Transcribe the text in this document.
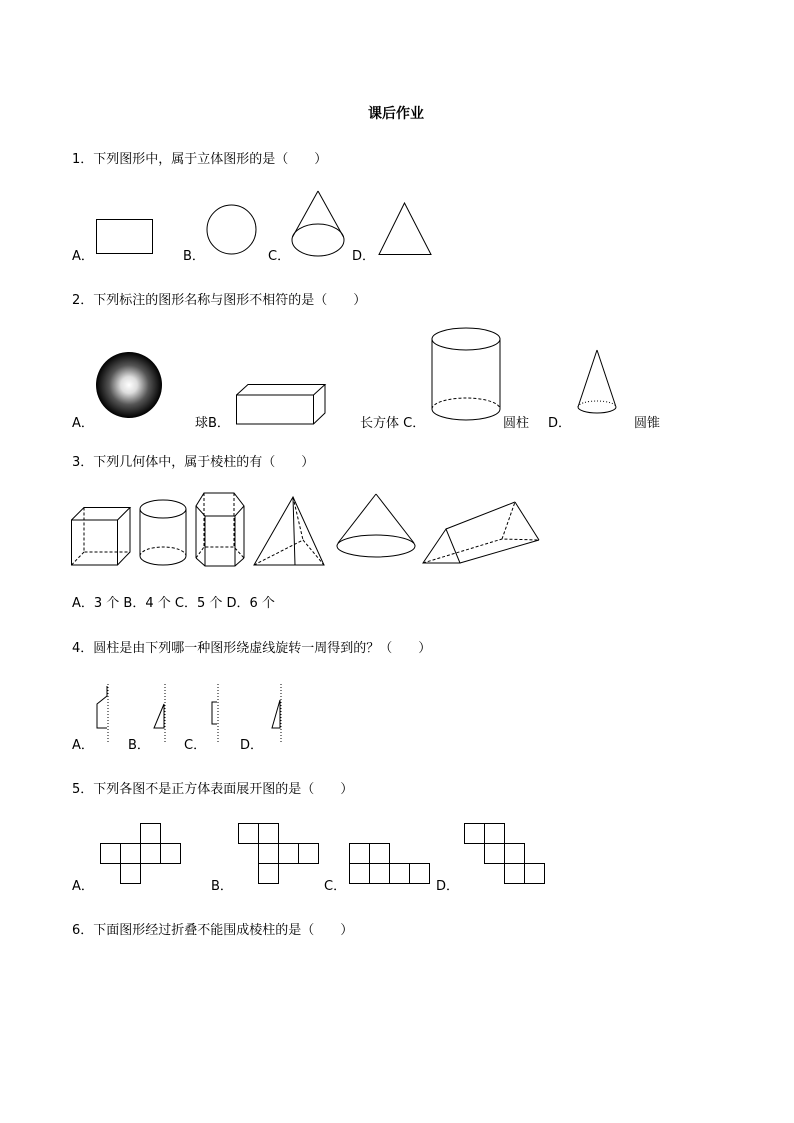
课后作业
1．下列图形中，属于立体图形的是（　　）
A．	B．	C．	D．
2．下列标注的图形名称与图形不相符的是（　　）
A．	球B．	长方体 C．	圆柱 D．	圆锥
3．下列几何体中，属于棱柱的有（　　）
A．3 个 B．4 个 C．5 个 D．6 个
4．圆柱是由下列哪一种图形绕虚线旋转一周得到的？（　　）
A．	B．	C．	D．
5．下列各图不是正方体表面展开图的是（　　）
A．	B．	C．	D．
6．下面图形经过折叠不能围成棱柱的是（　　）
